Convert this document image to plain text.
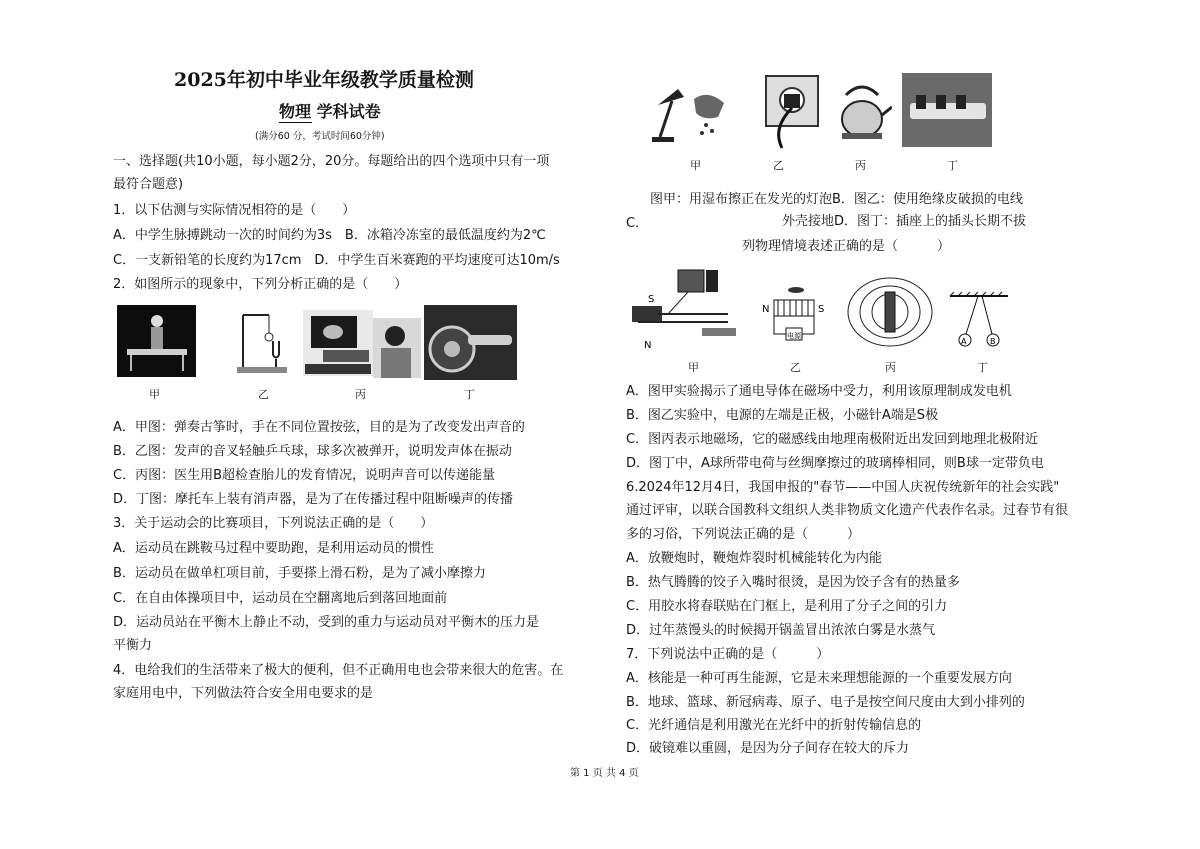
2025年初中毕业年级教学质量检测
物理 学科试卷
(满分60 分，考试时间60分钟)
一、选择题(共10小题，每小题2分，20分。每题给出的四个选项中只有一项
最符合题意)
1．以下估测与实际情况相符的是（　　）
A．中学生脉搏跳动一次的时间约为3s　B．冰箱冷冻室的最低温度约为2℃
C．一支新铅笔的长度约为17cm　D．中学生百米赛跑的平均速度可达10m/s
2．如图所示的现象中，下列分析正确的是（　　）
甲	乙	丙	丁
A．甲图：弹奏古筝时，手在不同位置按弦，目的是为了改变发出声音的
B．乙图：发声的音叉轻触乒乓球，球多次被弹开，说明发声体在振动
C．丙图：医生用B超检查胎儿的发育情况，说明声音可以传递能量
D．丁图：摩托车上装有消声器，是为了在传播过程中阻断噪声的传播
3．关于运动会的比赛项目，下列说法正确的是（　　）
A．运动员在跳鞍马过程中要助跑，是利用运动员的惯性
B．运动员在做单杠项目前，手要搽上滑石粉，是为了减小摩擦力
C．在自由体操项目中，运动员在空翻离地后到落回地面前
D．运动员站在平衡木上静止不动，受到的重力与运动员对平衡木的压力是
平衡力
4．电给我们的生活带来了极大的便利，但不正确用电也会带来很大的危害。在
家庭用电中，下列做法符合安全用电要求的是
甲	乙	丙	丁
图甲：用湿布擦正在发光的灯泡B．图乙：使用绝缘皮破损的电线
C．	外壳接地D．图丁：插座上的插头长期不拔
列物理情境表述正确的是（　　　）
S
N
N	S
电源
A	B
甲	乙	丙	丁
A．图甲实验揭示了通电导体在磁场中受力，利用该原理制成发电机
B．图乙实验中，电源的左端是正极，小磁针A端是S极
C．图丙表示地磁场，它的磁感线由地理南极附近出发回到地理北极附近
D．图丁中，A球所带电荷与丝绸摩擦过的玻璃棒相同，则B球一定带负电
6.2024年12月4日，我国申报的"春节——中国人庆祝传统新年的社会实践"
通过评审，以联合国教科文组织人类非物质文化遗产代表作名录。过春节有很
多的习俗，下列说法正确的是（　　　）
A．放鞭炮时，鞭炮炸裂时机械能转化为内能
B．热气腾腾的饺子入嘴时很烫，是因为饺子含有的热量多
C．用胶水将春联贴在门框上，是利用了分子之间的引力
D．过年蒸馒头的时候揭开锅盖冒出浓浓白雾是水蒸气
7．下列说法中正确的是（　　　）
A．核能是一种可再生能源，它是未来理想能源的一个重要发展方向
B．地球、篮球、新冠病毒、原子、电子是按空间尺度由大到小排列的
C．光纤通信是利用激光在光纤中的折射传输信息的
D．破镜难以重圆，是因为分子间存在较大的斥力
第 1 页 共 4 页
